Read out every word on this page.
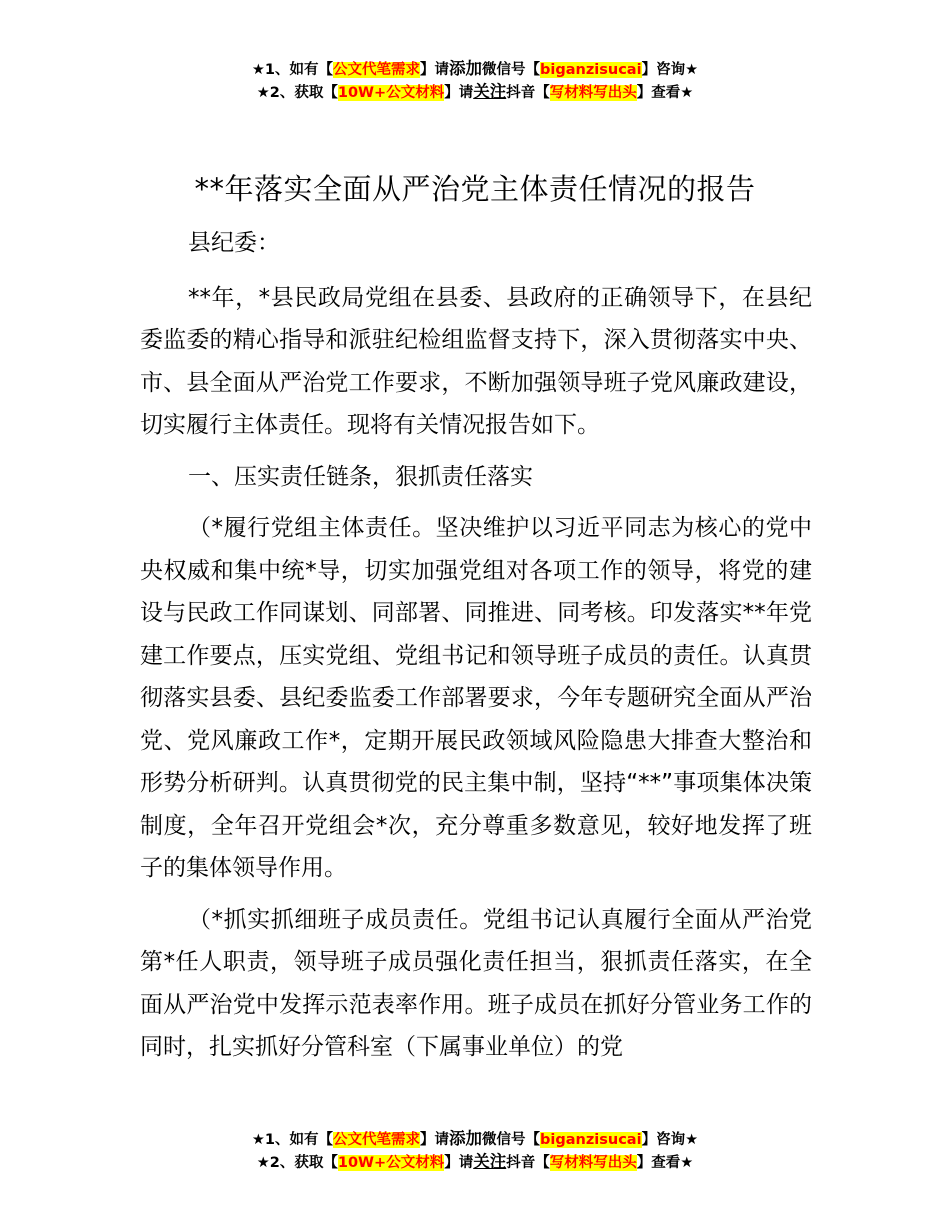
★1、如有【公文代笔需求】请添加微信号【biganzisucai】咨询★
★2、获取【10W+公文材料】请关注抖音【写材料写出头】查看★
**年落实全面从严治党主体责任情况的报告

县纪委：

**年，*县民政局党组在县委、县政府的正确领导下，在县纪委监委的精心指导和派驻纪检组监督支持下，深入贯彻落实中央、市、县全面从严治党工作要求，不断加强领导班子党风廉政建设，切实履行主体责任。现将有关情况报告如下。

一、压实责任链条，狠抓责任落实

（*履行党组主体责任。坚决维护以习近平同志为核心的党中央权威和集中统*导，切实加强党组对各项工作的领导，将党的建设与民政工作同谋划、同部署、同推进、同考核。印发落实**年党建工作要点，压实党组、党组书记和领导班子成员的责任。认真贯彻落实县委、县纪委监委工作部署要求，今年专题研究全面从严治党、党风廉政工作*，定期开展民政领域风险隐患大排查大整治和形势分析研判。认真贯彻党的民主集中制，坚持“**”事项集体决策制度，全年召开党组会*次，充分尊重多数意见，较好地发挥了班子的集体领导作用。

（*抓实抓细班子成员责任。党组书记认真履行全面从严治党第*任人职责，领导班子成员强化责任担当，狠抓责任落实，在全面从严治党中发挥示范表率作用。班子成员在抓好分管业务工作的同时，扎实抓好分管科室（下属事业单位）的党

★1、如有【公文代笔需求】请添加微信号【biganzisucai】咨询★
★2、获取【10W+公文材料】请关注抖音【写材料写出头】查看★
